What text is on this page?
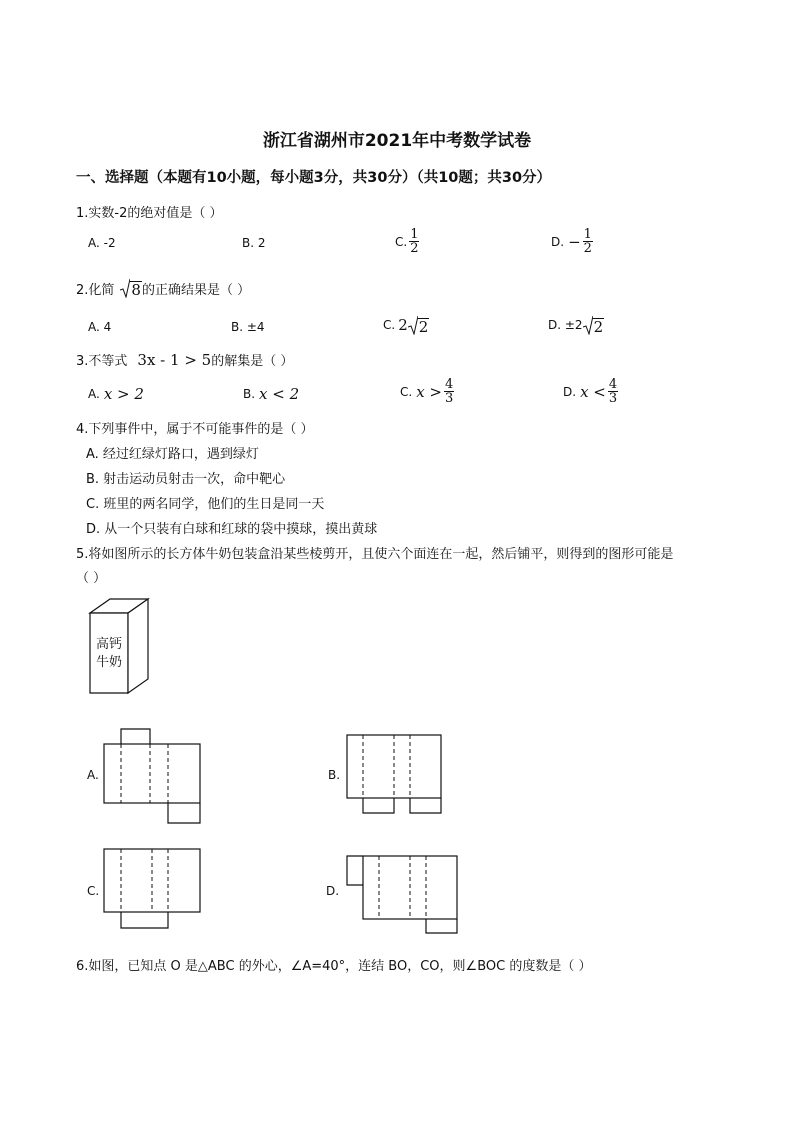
浙江省湖州市2021年中考数学试卷
一、选择题（本题有10小题，每小题3分，共30分）（共10题；共30分）
1.实数-2的绝对值是（ ）
A. -2	B. 2	C. $\frac{1}{2}$	D. − $\frac{1}{2}$
2.化简 8 的正确结果是（ ）
A. 4	B. ±4	C. 2 2	D. ±2 2
3.不等式 3x - 1 > 5 的解集是（ ）
A. x > 2	B. x < 2	C. $x > \frac{4}{3}$	D. $x < \frac{4}{3}$
4.下列事件中，属于不可能事件的是（ ）
A. 经过红绿灯路口，遇到绿灯
B. 射击运动员射击一次，命中靶心
C. 班里的两名同学，他们的生日是同一天
D. 从一个只装有白球和红球的袋中摸球，摸出黄球
5.将如图所示的长方体牛奶包装盒沿某些棱剪开，且使六个面连在一起，然后铺平，则得到的图形可能是
（ ）
高钙
牛奶
A.	B.
C.	D.
6.如图，已知点 O 是△ABC 的外心，∠A=40°，连结 BO，CO，则∠BOC 的度数是（ ）
